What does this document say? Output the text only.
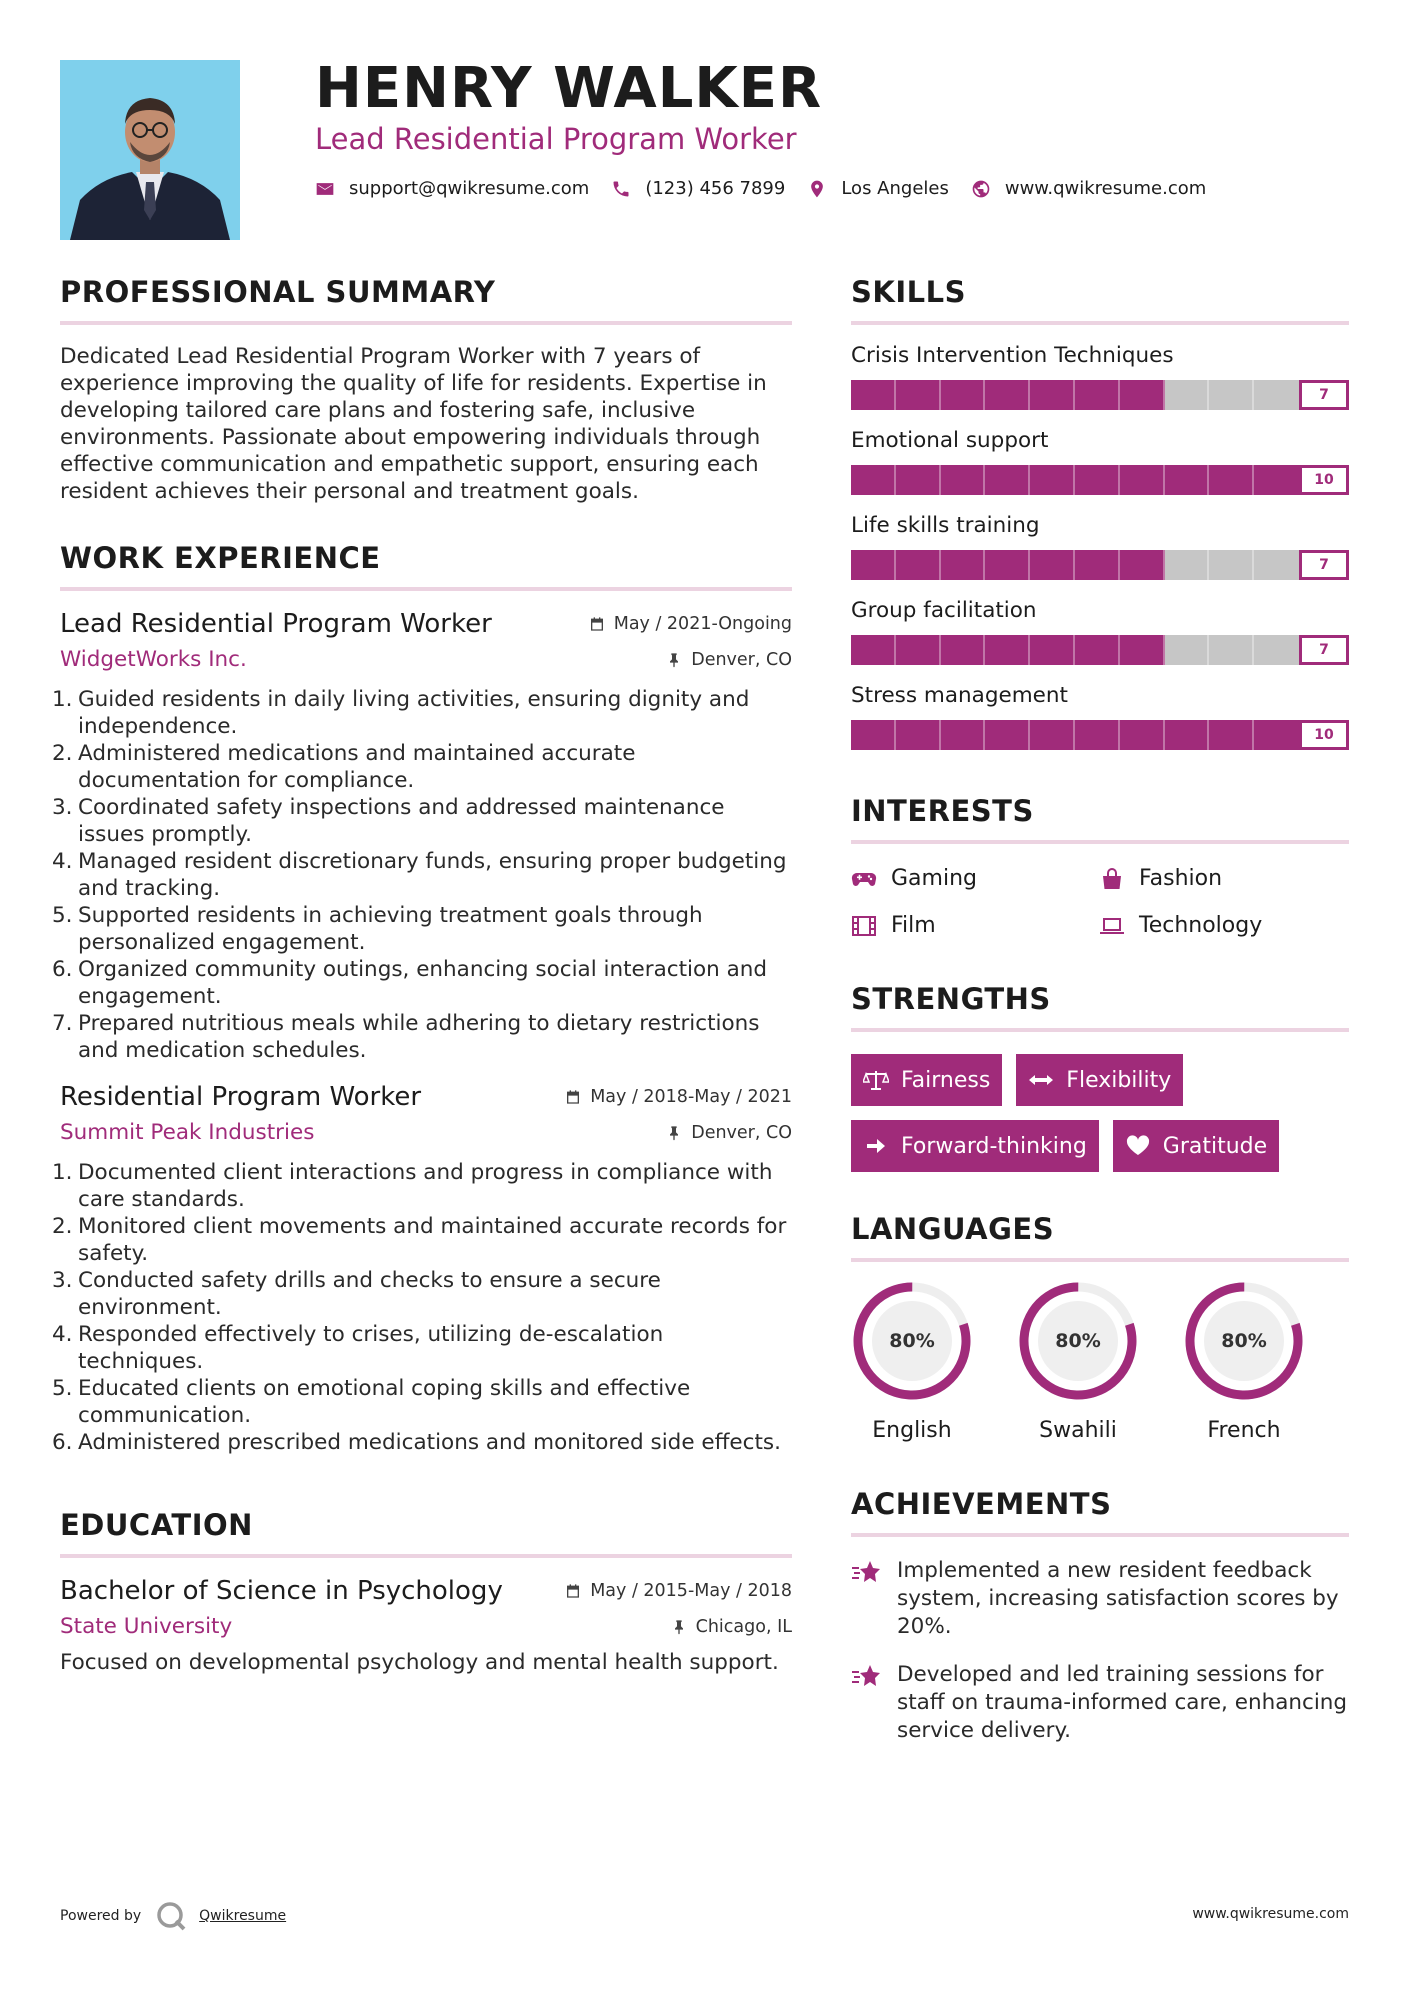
HENRY WALKER
Lead Residential Program Worker
support@qwikresume.com	(123) 456 7899	Los Angeles	www.qwikresume.com
PROFESSIONAL SUMMARY
Dedicated Lead Residential Program Worker with 7 years of experience improving the quality of life for residents. Expertise in developing tailored care plans and fostering safe, inclusive environments. Passionate about empowering individuals through effective communication and empathetic support, ensuring each resident achieves their personal and treatment goals.
WORK EXPERIENCE
Lead Residential Program Worker	May / 2021-Ongoing
WidgetWorks Inc.	Denver, CO
1. Guided residents in daily living activities, ensuring dignity and independence.
2. Administered medications and maintained accurate documentation for compliance.
3. Coordinated safety inspections and addressed maintenance issues promptly.
4. Managed resident discretionary funds, ensuring proper budgeting and tracking.
5. Supported residents in achieving treatment goals through personalized engagement.
6. Organized community outings, enhancing social interaction and engagement.
7. Prepared nutritious meals while adhering to dietary restrictions and medication schedules.
Residential Program Worker	May / 2018-May / 2021
Summit Peak Industries	Denver, CO
1. Documented client interactions and progress in compliance with care standards.
2. Monitored client movements and maintained accurate records for safety.
3. Conducted safety drills and checks to ensure a secure environment.
4. Responded effectively to crises, utilizing de-escalation techniques.
5. Educated clients on emotional coping skills and effective communication.
6. Administered prescribed medications and monitored side effects.
EDUCATION
Bachelor of Science in Psychology	May / 2015-May / 2018
State University	Chicago, IL
Focused on developmental psychology and mental health support.
SKILLS
Crisis Intervention Techniques
7
Emotional support
10
Life skills training
7
Group facilitation
7
Stress management
10
INTERESTS
Gaming	Fashion
Film	Technology
STRENGTHS
Fairness	Flexibility
Forward-thinking	Gratitude
LANGUAGES
80%
English
80%
Swahili
80%
French
ACHIEVEMENTS
Implemented a new resident feedback system, increasing satisfaction scores by 20%.
Developed and led training sessions for staff on trauma-informed care, enhancing service delivery.
Powered by	Qwikresume	www.qwikresume.com
